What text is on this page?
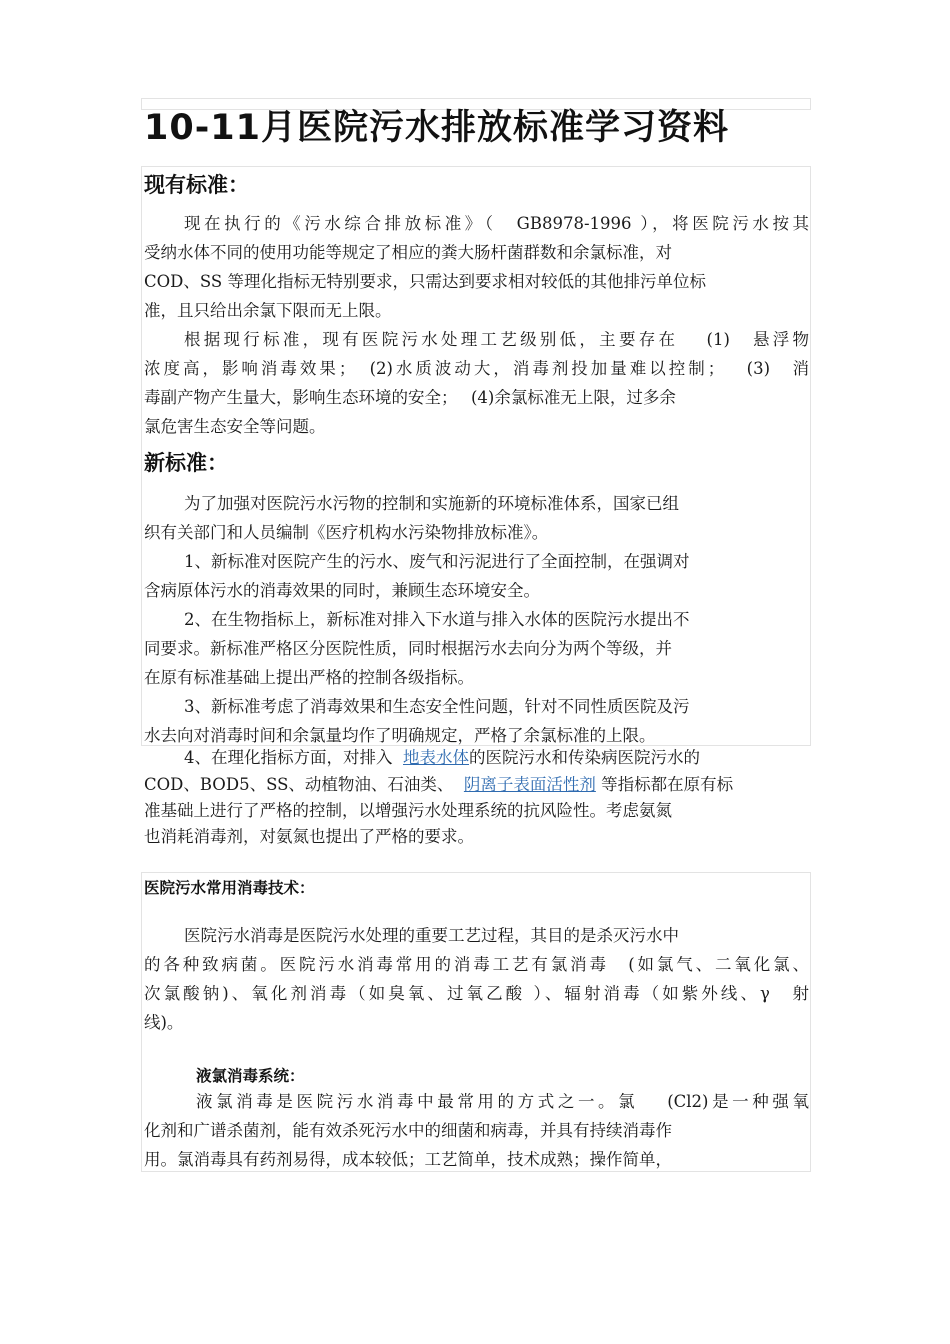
10-11月医院污水排放标准学习资料
现有标准：
现在执行的《污水综合排放标准》（　GB8978-1996 ），将医院污水按其
受纳水体不同的使用功能等规定了相应的粪大肠杆菌群数和余氯标准，对
COD、SS 等理化指标无特别要求，只需达到要求相对较低的其他排污单位标
准，且只给出余氯下限而无上限。
根据现行标准，现有医院污水处理工艺级别低，主要存在　 (1)　悬浮物
浓度高，影响消毒效果；　(2)水质波动大，消毒剂投加量难以控制；　 (3)　消
毒副产物产生量大，影响生态环境的安全；　 (4)余氯标准无上限，过多余
氯危害生态安全等问题。
新标准：
为了加强对医院污水污物的控制和实施新的环境标准体系，国家已组
织有关部门和人员编制《医疗机构水污染物排放标准》。
1、新标准对医院产生的污水、废气和污泥进行了全面控制，在强调对
含病原体污水的消毒效果的同时，兼顾生态环境安全。
2、在生物指标上，新标准对排入下水道与排入水体的医院污水提出不
同要求。新标准严格区分医院性质，同时根据污水去向分为两个等级，并
在原有标准基础上提出严格的控制各级指标。
3、新标准考虑了消毒效果和生态安全性问题，针对不同性质医院及污
水去向对消毒时间和余氯量均作了明确规定，严格了余氯标准的上限。
4、在理化指标方面，对排入 地表水体的医院污水和传染病医院污水的
COD、BOD5、SS、动植物油、石油类、 阴离子表面活性剂 等指标都在原有标
准基础上进行了严格的控制，以增强污水处理系统的抗风险性。考虑氨氮
也消耗消毒剂，对氨氮也提出了严格的要求。
医院污水常用消毒技术：
医院污水消毒是医院污水处理的重要工艺过程，其目的是杀灭污水中
的各种致病菌。医院污水消毒常用的消毒工艺有氯消毒　(如氯气、二氧化氯、
次氯酸钠)、氧化剂消毒（如臭氧、过氧乙酸 ）、辐射消毒（如紫外线、γ　射
线)。
液氯消毒系统：
液氯消毒是医院污水消毒中最常用的方式之一。氯　 (Cl2)是一种强氧
化剂和广谱杀菌剂，能有效杀死污水中的细菌和病毒，并具有持续消毒作
用。氯消毒具有药剂易得，成本较低；工艺简单，技术成熟；操作简单，
